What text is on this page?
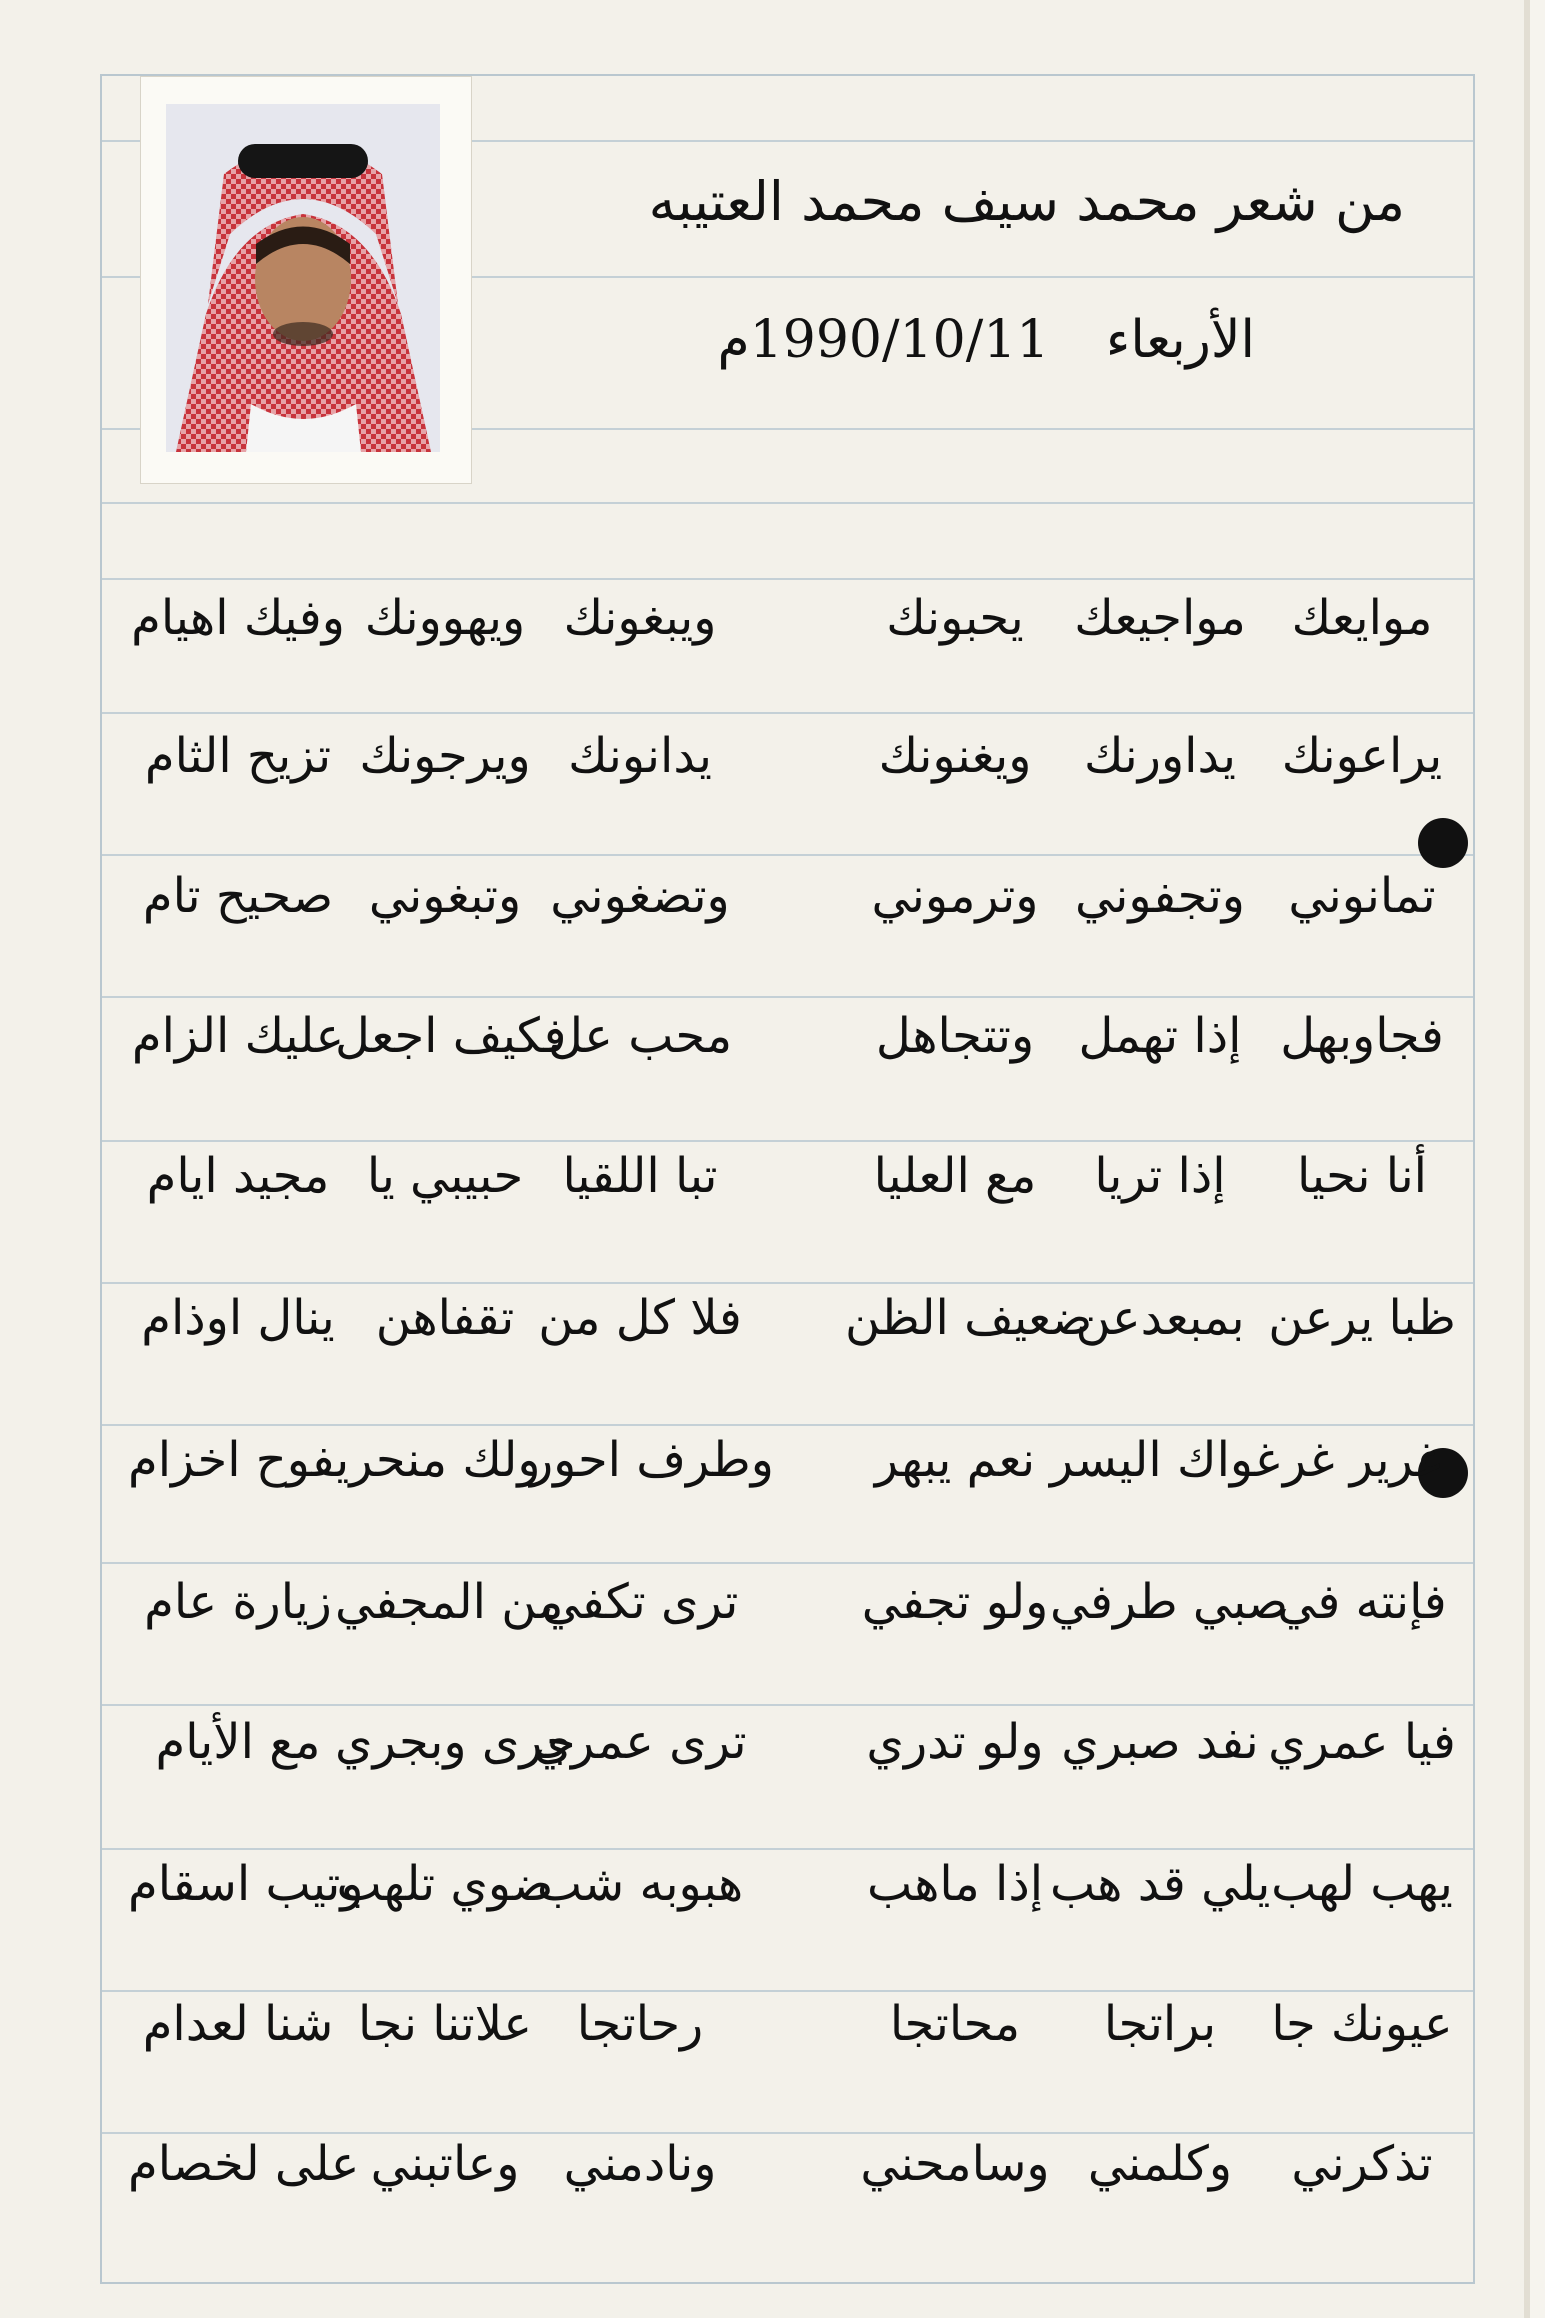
من شعر محمد سيف محمد العتيبه
الأربعاء 1990/10/11م
موايعك
مواجيعك
يحبونك
ويبغونك
ويهوونك
وفيك اهيام
يراعونك
يداورنك
ويغنونك
يدانونك
ويرجونك
تزيح الثام
تمانوني
وتجفوني
وترموني
وتضغوني
وتبغوني
صحيح تام
فجاوبهل
إذا تهمل
وتتجاهل
محب عل
فكيف اجعل
عليك الزام
أنا نحيا
إذا تريا
مع العليا
تبا اللقيا
حبيبي يا
مجيد ايام
ظبا يرعن
بمبعدعن
ضعيف الظن
فلا كل من
تقفاهن
ينال اوذام
غرير غر
غواك اليسر
نعم يبهر
وطرف احور
ولك منحر
يفوح اخزام
فإنته في
صبي طرفي
ولو تجفي
ترى تكفي
من المجفي
زيارة عام
فيا عمري
نفد صبري
ولو تدري
ترى عمري
جرى وبجري
مع الأيام
يهب لهب
يلي قد هب
إذا ماهب
هبوبه شب
ضوي تلهب
وتيب اسقام
عيونك جا
براتجا
محاتجا
رحاتجا
علاتنا نجا
شنا لعدام
تذكرني
وكلمني
وسامحني
ونادمني
وعاتبني
على لخصام
